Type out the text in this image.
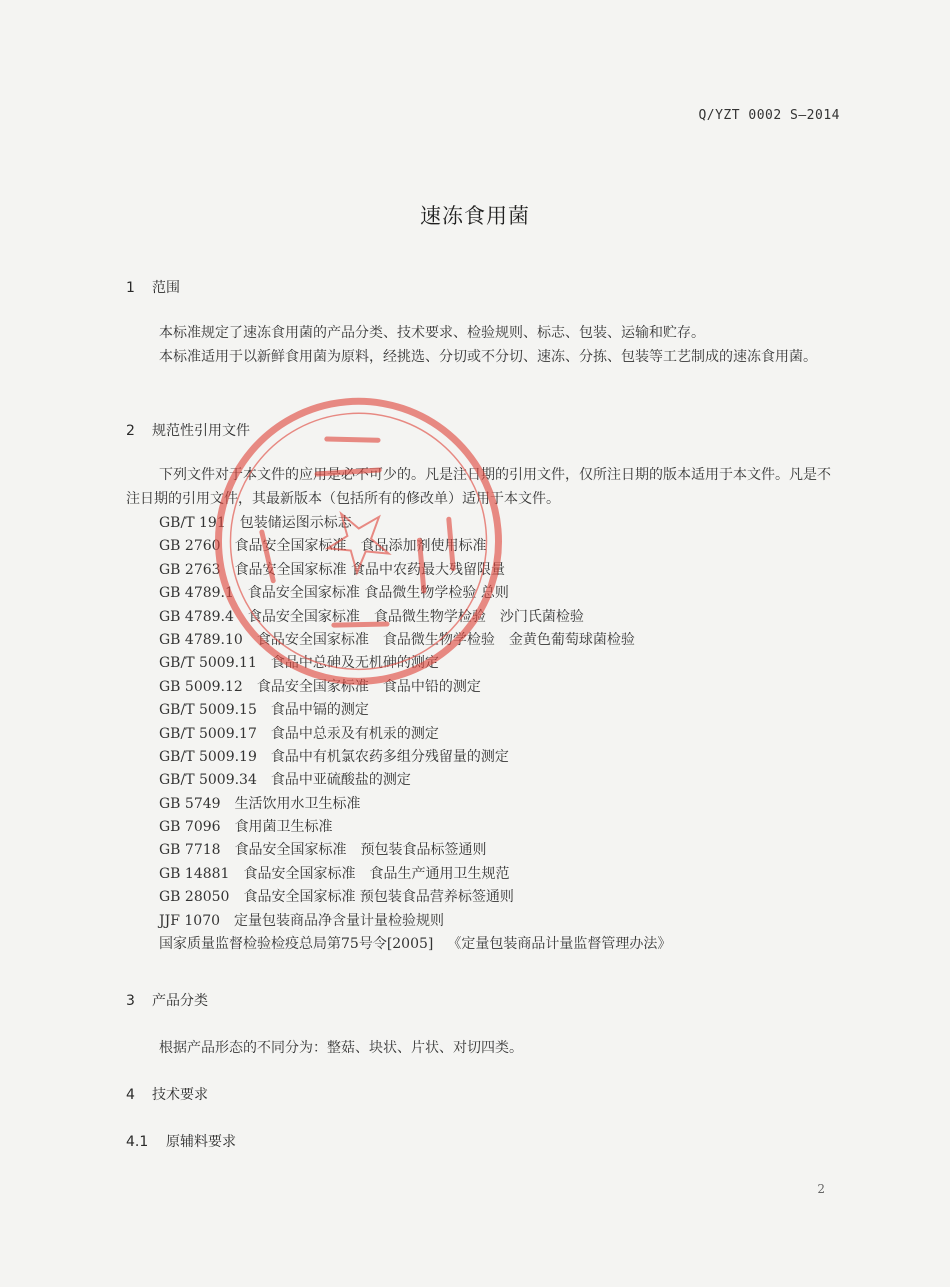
Q/YZT 0002 S—2014
速冻食用菌
1 范围
本标准规定了速冻食用菌的产品分类、技术要求、检验规则、标志、包装、运输和贮存。
本标准适用于以新鲜食用菌为原料，经挑选、分切或不分切、速冻、分拣、包装等工艺制成的速冻食用菌。
2 规范性引用文件
下列文件对于本文件的应用是必不可少的。凡是注日期的引用文件，仅所注日期的版本适用于本文件。凡是不注日期的引用文件，其最新版本（包括所有的修改单）适用于本文件。
GB/T 191 包装储运图示标志
GB 2760 食品安全国家标准　食品添加剂使用标准
GB 2763 食品安全国家标准 食品中农药最大残留限量
GB 4789.1 食品安全国家标准 食品微生物学检验 总则
GB 4789.4 食品安全国家标准　食品微生物学检验　沙门氏菌检验
GB 4789.10 食品安全国家标准　食品微生物学检验　金黄色葡萄球菌检验
GB/T 5009.11 食品中总砷及无机砷的测定
GB 5009.12 食品安全国家标准　食品中铅的测定
GB/T 5009.15 食品中镉的测定
GB/T 5009.17 食品中总汞及有机汞的测定
GB/T 5009.19 食品中有机氯农药多组分残留量的测定
GB/T 5009.34 食品中亚硫酸盐的测定
GB 5749 生活饮用水卫生标准
GB 7096 食用菌卫生标准
GB 7718 食品安全国家标准　预包装食品标签通则
GB 14881 食品安全国家标准　食品生产通用卫生规范
GB 28050 食品安全国家标准 预包装食品营养标签通则
JJF 1070 定量包装商品净含量计量检验规则
国家质量监督检验检疫总局第75号令[2005] 《定量包装商品计量监督管理办法》
3 产品分类
根据产品形态的不同分为：整菇、块状、片状、对切四类。
4 技术要求
4.1 原辅料要求
2
